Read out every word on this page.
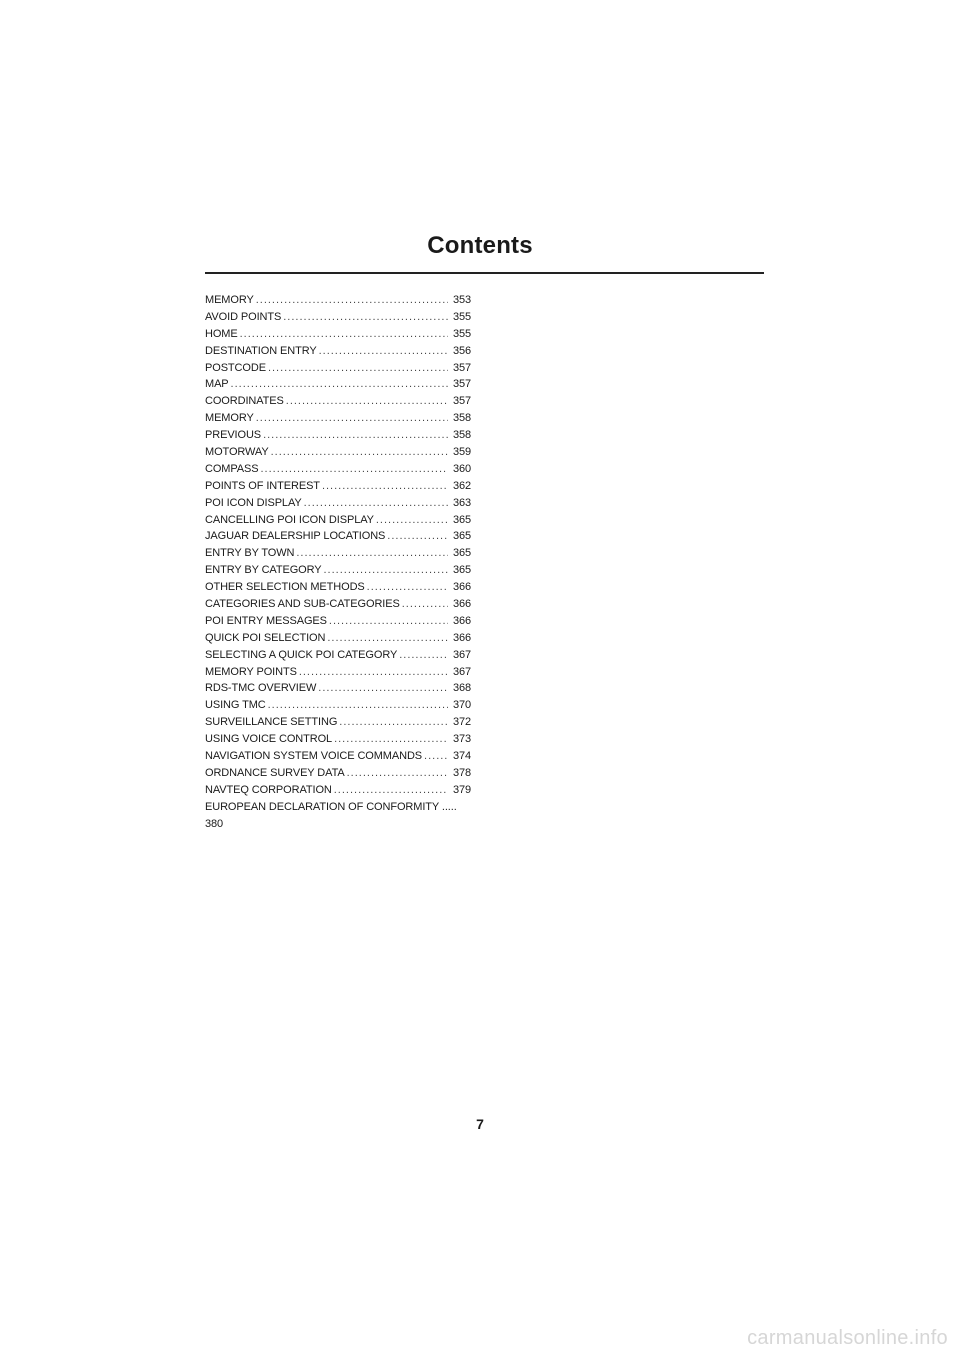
Contents
MEMORY .....	353
AVOID POINTS .....	355
HOME .....	355
DESTINATION ENTRY .....	356
POSTCODE .....	357
MAP .....	357
COORDINATES .....	357
MEMORY .....	358
PREVIOUS .....	358
MOTORWAY .....	359
COMPASS .....	360
POINTS OF INTEREST .....	362
POI ICON DISPLAY .....	363
CANCELLING POI ICON DISPLAY .....	365
JAGUAR DEALERSHIP LOCATIONS .....	365
ENTRY BY TOWN .....	365
ENTRY BY CATEGORY .....	365
OTHER SELECTION METHODS .....	366
CATEGORIES AND SUB-CATEGORIES .....	366
POI ENTRY MESSAGES .....	366
QUICK POI SELECTION .....	366
SELECTING A QUICK POI CATEGORY .....	367
MEMORY POINTS .....	367
RDS-TMC OVERVIEW .....	368
USING TMC .....	370
SURVEILLANCE SETTING .....	372
USING VOICE CONTROL .....	373
NAVIGATION SYSTEM VOICE COMMANDS .....	374
ORDNANCE SURVEY DATA .....	378
NAVTEQ CORPORATION .....	379
EUROPEAN DECLARATION OF CONFORMITY .....
380
7
carmanualsonline.info
